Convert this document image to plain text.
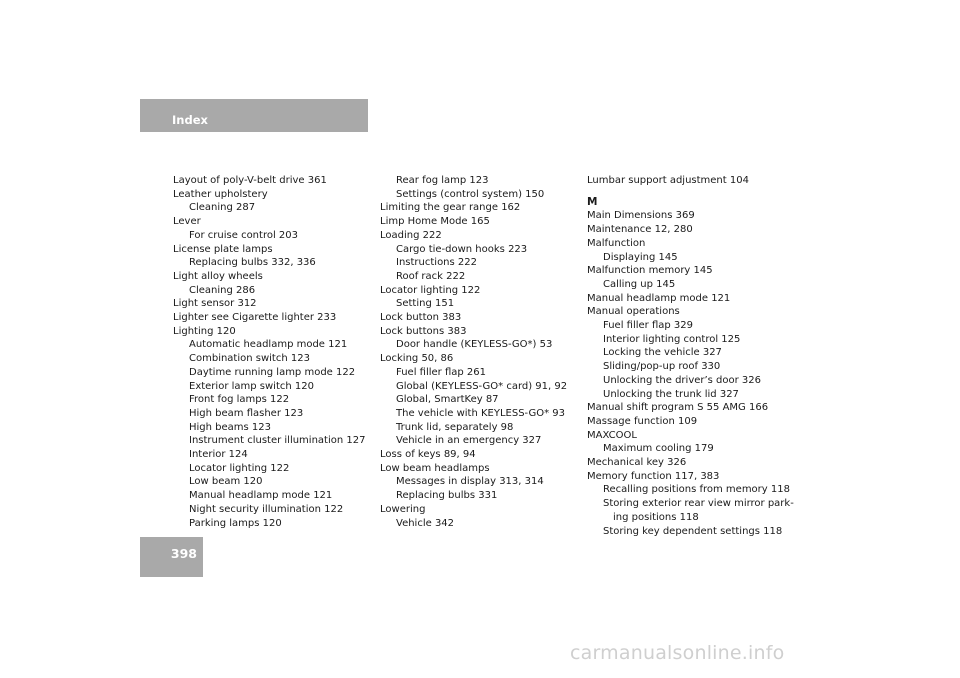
Index
Layout of poly-V-belt drive 361
Leather upholstery
Cleaning 287
Lever
For cruise control 203
License plate lamps
Replacing bulbs 332, 336
Light alloy wheels
Cleaning 286
Light sensor 312
Lighter see Cigarette lighter 233
Lighting 120
Automatic headlamp mode 121
Combination switch 123
Daytime running lamp mode 122
Exterior lamp switch 120
Front fog lamps 122
High beam flasher 123
High beams 123
Instrument cluster illumination 127
Interior 124
Locator lighting 122
Low beam 120
Manual headlamp mode 121
Night security illumination 122
Parking lamps 120
Rear fog lamp 123
Settings (control system) 150
Limiting the gear range 162
Limp Home Mode 165
Loading 222
Cargo tie-down hooks 223
Instructions 222
Roof rack 222
Locator lighting 122
Setting 151
Lock button 383
Lock buttons 383
Door handle (KEYLESS-GO*) 53
Locking 50, 86
Fuel filler flap 261
Global (KEYLESS-GO* card) 91, 92
Global, SmartKey 87
The vehicle with KEYLESS-GO* 93
Trunk lid, separately 98
Vehicle in an emergency 327
Loss of keys 89, 94
Low beam headlamps
Messages in display 313, 314
Replacing bulbs 331
Lowering
Vehicle 342
Lumbar support adjustment 104
M
Main Dimensions 369
Maintenance 12, 280
Malfunction
Displaying 145
Malfunction memory 145
Calling up 145
Manual headlamp mode 121
Manual operations
Fuel filler flap 329
Interior lighting control 125
Locking the vehicle 327
Sliding/pop-up roof 330
Unlocking the driver’s door 326
Unlocking the trunk lid 327
Manual shift program S 55 AMG 166
Massage function 109
MAXCOOL
Maximum cooling 179
Mechanical key 326
Memory function 117, 383
Recalling positions from memory 118
Storing exterior rear view mirror park-
ing positions 118
Storing key dependent settings 118
398
carmanualsonline.info
